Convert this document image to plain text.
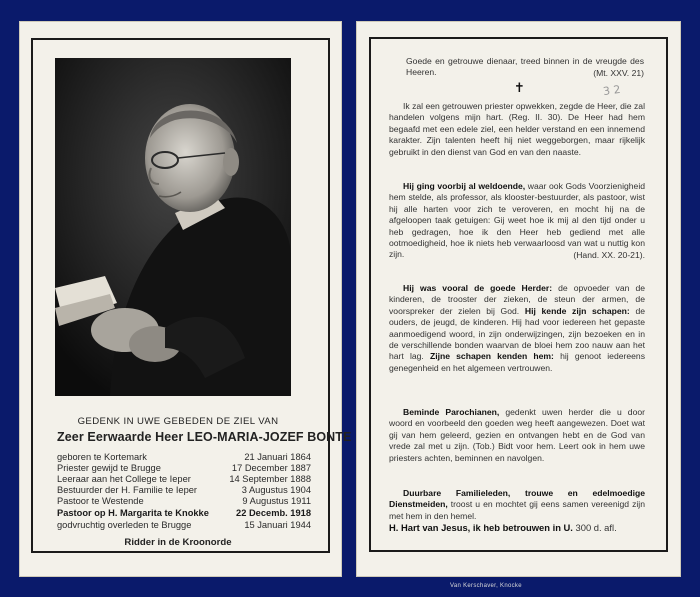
GEDENK IN UWE GEBEDEN DE ZIEL VAN
Zeer Eerwaarde Heer LEO-MARIA-JOZEF BONTE
geboren te Kortemark	21 Januari 1864
Priester gewijd te Brugge	17 December 1887
Leeraar aan het College te Ieper	14 September 1888
Bestuurder der H. Familie te Ieper	3 Augustus 1904
Pastoor te Westende	9 Augustus 1911
Pastoor op H. Margarita te Knokke	22 Decemb. 1918
godvruchtig overleden te Brugge	15 Januari 1944
Ridder in de Kroonorde
Goede en getrouwe dienaar, treed binnen in de vreugde des Heeren.	(Mt. XXV. 21)
✝	3 2
Ik zal een getrouwen priester opwekken, zegde de Heer, die zal handelen volgens mijn hart. (Reg. II. 30). De Heer had hem begaafd met een edele ziel, een helder verstand en een innemend karakter. Zijn talenten heeft hij niet weggeborgen, maar rijkelijk gebruikt in den dienst van God en van den naaste.
Hij ging voorbij al weldoende, waar ook Gods Voorzienigheid hem stelde, als professor, als klooster-bestuurder, als pastoor, wist hij alle harten voor zich te veroveren, en mocht hij na de afgeloopen taak getuigen: Gij weet hoe ik mij al den tijd onder u heb gedragen, hoe ik den Heer heb gediend met alle ootmoedigheid, hoe ik niets heb verwaarloosd van wat u nuttig kon zijn.	(Hand. XX. 20-21).
Hij was vooral de goede Herder: de opvoeder van de kinderen, de trooster der zieken, de steun der armen, de voorspreker der zielen bij God. Hij kende zijn schapen: de ouders, de jeugd, de kinderen. Hij had voor iedereen het gepaste aanmoedigend woord, in zijn onderwijzingen, zijn bezoeken en in de verschillende bonden waarvan de bloei hem zoo nauw aan het hart lag. Zijne schapen kenden hem: hij genoot iedereens genegenheid en het algemeen vertrouwen.
Beminde Parochianen, gedenkt uwen herder die u door woord en voorbeeld den goeden weg heeft aangewezen. Doet wat gij van hem geleerd, gezien en ontvangen hebt en de God van vrede zal met u zijn. (Tob.) Bidt voor hem. Leert ook in hem uwe priesters achten, beminnen en navolgen.
Duurbare Familieleden, trouwe en edelmoedige Dienstmeiden, troost u en mochtet gij eens samen vereenigd zijn met hem in den hemel.
H. Hart van Jesus, ik heb betrouwen in U. 300 d. afl.
Van Kerschaver, Knocke
